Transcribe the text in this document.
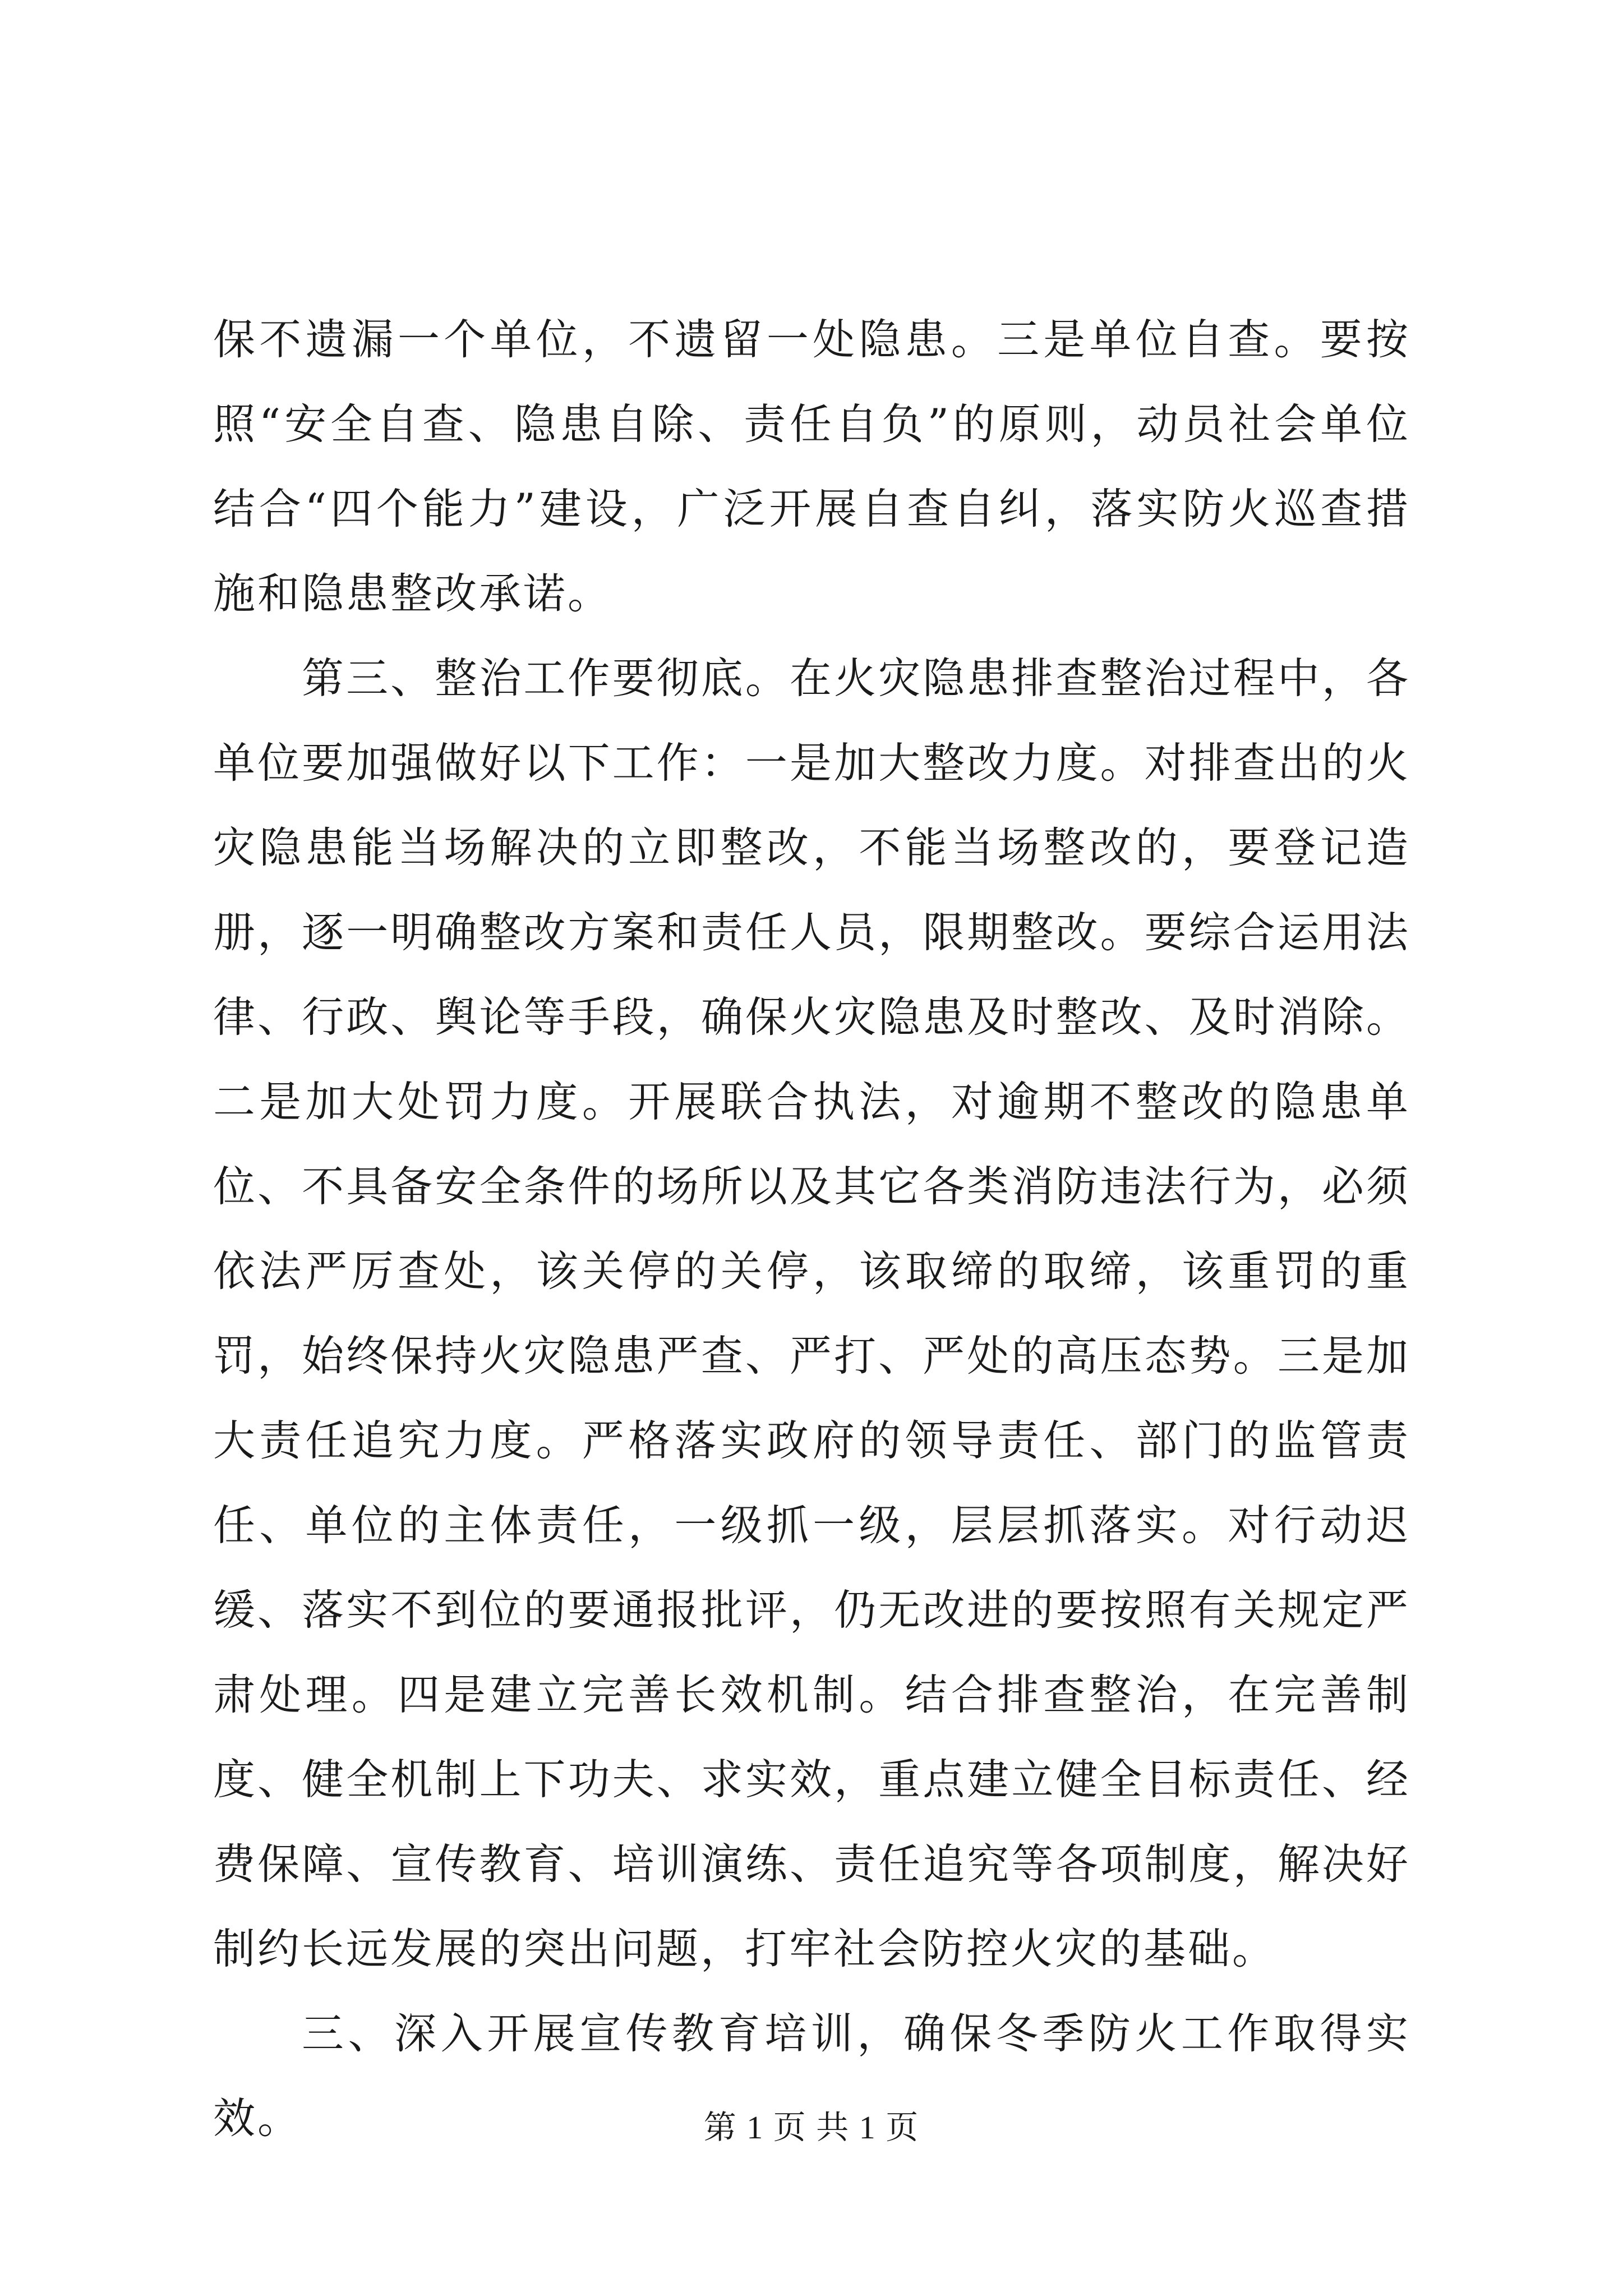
保不遗漏一个单位，不遗留一处隐患。三是单位自查。要按照“安全自查、隐患自除、责任自负”的原则，动员社会单位结合“四个能力”建设，广泛开展自查自纠，落实防火巡查措施和隐患整改承诺。

第三、整治工作要彻底。在火灾隐患排查整治过程中，各单位要加强做好以下工作：一是加大整改力度。对排查出的火灾隐患能当场解决的立即整改，不能当场整改的，要登记造册，逐一明确整改方案和责任人员，限期整改。要综合运用法律、行政、舆论等手段，确保火灾隐患及时整改、及时消除。二是加大处罚力度。开展联合执法，对逾期不整改的隐患单位、不具备安全条件的场所以及其它各类消防违法行为，必须依法严厉查处，该关停的关停，该取缔的取缔，该重罚的重罚，始终保持火灾隐患严查、严打、严处的高压态势。三是加大责任追究力度。严格落实政府的领导责任、部门的监管责任、单位的主体责任，一级抓一级，层层抓落实。对行动迟缓、落实不到位的要通报批评，仍无改进的要按照有关规定严肃处理。四是建立完善长效机制。结合排查整治，在完善制度、健全机制上下功夫、求实效，重点建立健全目标责任、经费保障、宣传教育、培训演练、责任追究等各项制度，解决好制约长远发展的突出问题，打牢社会防控火灾的基础。

三、深入开展宣传教育培训，确保冬季防火工作取得实效。	第 1 页 共 1 页
